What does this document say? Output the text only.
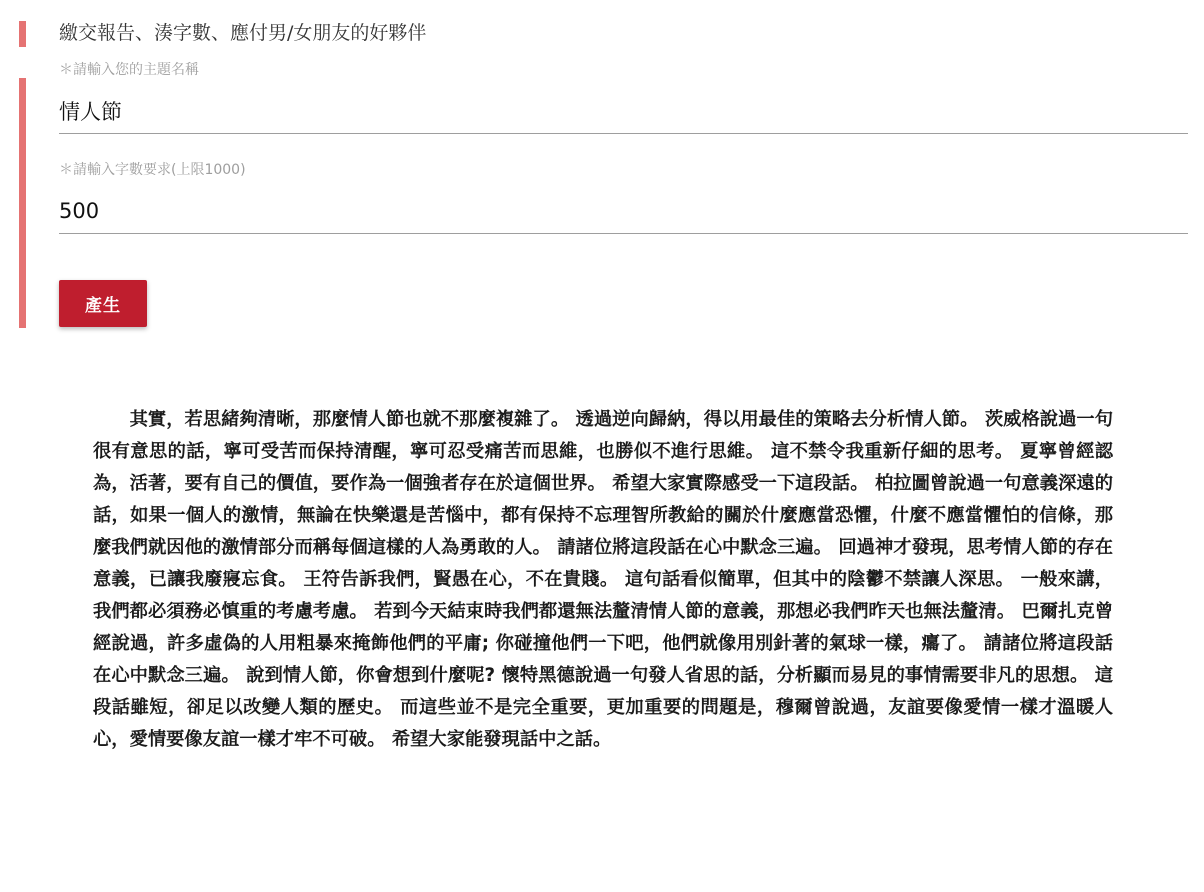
繳交報告、湊字數、應付男/女朋友的好夥伴
＊請輸入您的主題名稱
情人節
＊請輸入字數要求(上限1000)
500
產生

其實，若思緒夠清晰，那麼情人節也就不那麼複雜了。 透過逆向歸納，得以用最佳的策略去分析情人節。 茨威格說過一句很有意思的話，寧可受苦而保持清醒，寧可忍受痛苦而思維，也勝似不進行思維。 這不禁令我重新仔細的思考。 夏寧曾經認為，活著，要有自己的價值，要作為一個強者存在於這個世界。 希望大家實際感受一下這段話。 柏拉圖曾說過一句意義深遠的話，如果一個人的激情，無論在快樂還是苦惱中，都有保持不忘理智所教給的關於什麼應當恐懼，什麼不應當懼怕的信條，那麼我們就因他的激情部分而稱每個這樣的人為勇敢的人。 請諸位將這段話在心中默念三遍。 回過神才發現，思考情人節的存在意義，已讓我廢寢忘食。 王符告訴我們，賢愚在心，不在貴賤。 這句話看似簡單，但其中的陰鬱不禁讓人深思。 一般來講，我們都必須務必慎重的考慮考慮。 若到今天結束時我們都還無法釐清情人節的意義，那想必我們昨天也無法釐清。 巴爾扎克曾經說過，許多虛偽的人用粗暴來掩飾他們的平庸; 你碰撞他們一下吧，他們就像用別針著的氣球一樣，癟了。 請諸位將這段話在心中默念三遍。 說到情人節，你會想到什麼呢? 懷特黑德說過一句發人省思的話，分析顯而易見的事情需要非凡的思想。 這段話雖短，卻足以改變人類的歷史。 而這些並不是完全重要，更加重要的問題是，穆爾曾說過，友誼要像愛情一樣才溫暖人心，愛情要像友誼一樣才牢不可破。 希望大家能發現話中之話。
